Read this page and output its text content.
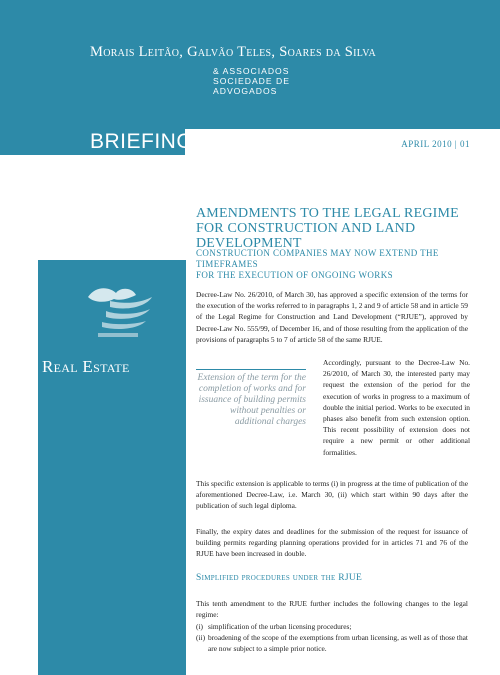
Morais Leitão, Galvão Teles, Soares da Silva
& ASSOCIADOS
SOCIEDADE DE
ADVOGADOS
BRIEFING	APRIL 2010 | 01
Real Estate
AMENDMENTS TO THE LEGAL REGIME
FOR CONSTRUCTION AND LAND DEVELOPMENT
CONSTRUCTION COMPANIES MAY NOW EXTEND THE TIMEFRAMES
FOR THE EXECUTION OF ONGOING WORKS
Decree-Law No. 26/2010, of March 30, has approved a specific extension of the terms for the execution of the works referred to in paragraphs 1, 2 and 9 of article 58 and in article 59 of the Legal Regime for Construction and Land Development (“RJUE”), approved by Decree-Law No. 555/99, of December 16, and of those resulting from the application of the provisions of paragraphs 5 to 7 of article 58 of the same RJUE.
Extension of the term for the completion of works and for issuance of building permits without penalties or additional charges
Accordingly, pursuant to the Decree-Law No. 26/2010, of March 30, the interested party may request the extension of the period for the execution of works in progress to a maximum of double the initial period. Works to be executed in phases also benefit from such extension option. This recent possibility of extension does not require a new permit or other additional formalities.
This specific extension is applicable to terms (i) in progress at the time of publication of the aforementioned Decree-Law, i.e. March 30, (ii) which start within 90 days after the publication of such legal diploma.
Finally, the expiry dates and deadlines for the submission of the request for issuance of building permits regarding planning operations provided for in articles 71 and 76 of the RJUE have been increased in double.
Simplified procedures under the RJUE
This tenth amendment to the RJUE further includes the following changes to the legal regime:
(i) simplification of the urban licensing procedures;
(ii) broadening of the scope of the exemptions from urban licensing, as well as of those that are now subject to a simple prior notice.
